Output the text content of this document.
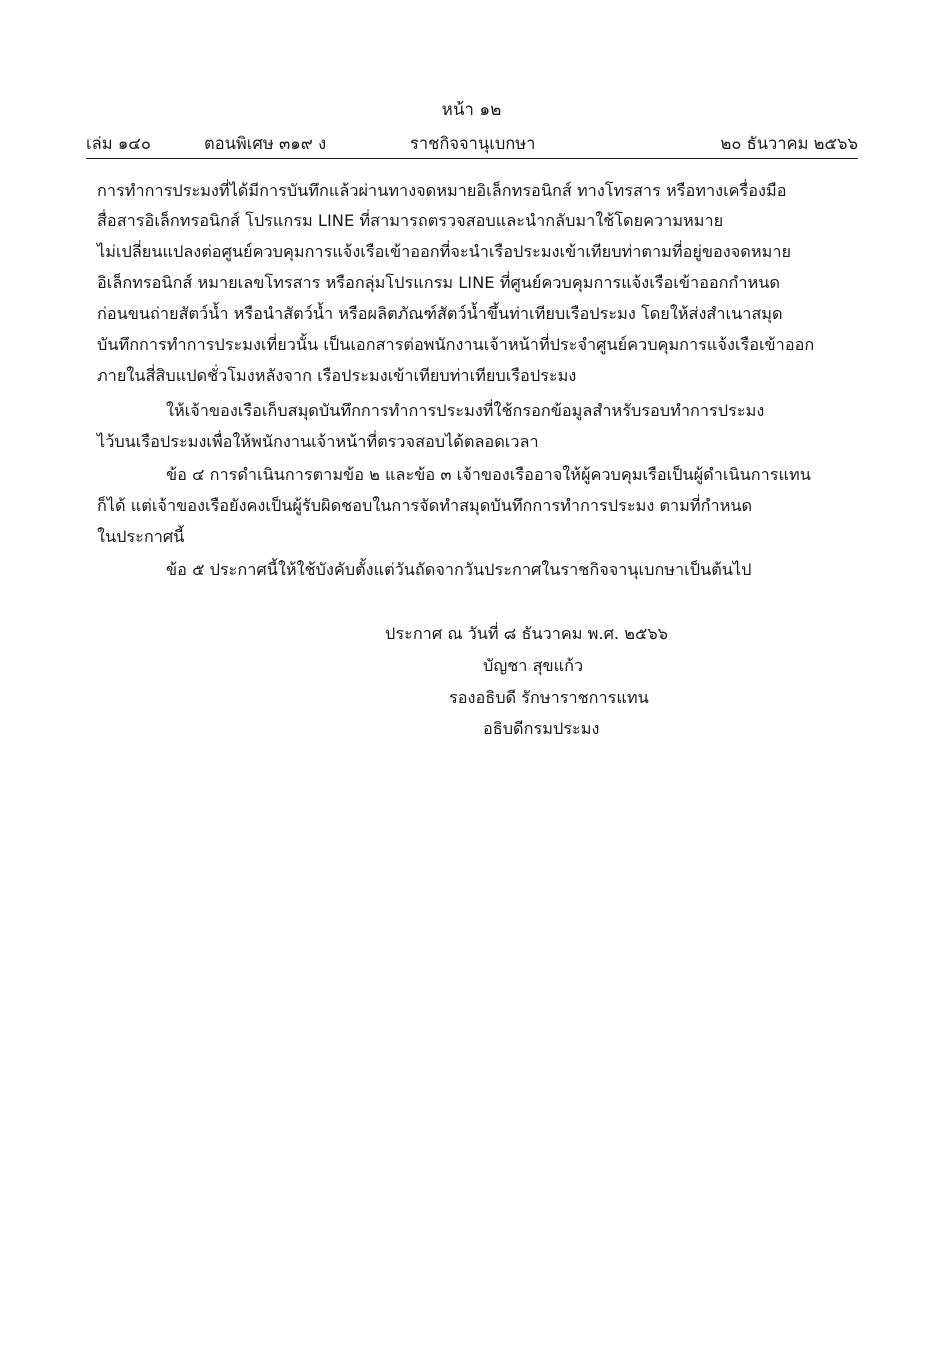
หน้า ๑๒
เล่ม ๑๔๐	ตอนพิเศษ ๓๑๙ ง	ราชกิจจานุเบกษา	๒๐ ธันวาคม ๒๕๖๖
การทำการประมงที่ได้มีการบันทึกแล้วผ่านทางจดหมายอิเล็กทรอนิกส์ ทางโทรสาร หรือทางเครื่องมือ
สื่อสารอิเล็กทรอนิกส์ โปรแกรม LINE ที่สามารถตรวจสอบและนำกลับมาใช้โดยความหมาย
ไม่เปลี่ยนแปลงต่อศูนย์ควบคุมการแจ้งเรือเข้าออกที่จะนำเรือประมงเข้าเทียบท่าตามที่อยู่ของจดหมาย
อิเล็กทรอนิกส์ หมายเลขโทรสาร หรือกลุ่มโปรแกรม LINE ที่ศูนย์ควบคุมการแจ้งเรือเข้าออกกำหนด
ก่อนขนถ่ายสัตว์น้ำ หรือนำสัตว์น้ำ หรือผลิตภัณฑ์สัตว์น้ำขึ้นท่าเทียบเรือประมง โดยให้ส่งสำเนาสมุด
บันทึกการทำการประมงเที่ยวนั้น เป็นเอกสารต่อพนักงานเจ้าหน้าที่ประจำศูนย์ควบคุมการแจ้งเรือเข้าออก
ภายในสี่สิบแปดชั่วโมงหลังจาก เรือประมงเข้าเทียบท่าเทียบเรือประมง
ให้เจ้าของเรือเก็บสมุดบันทึกการทำการประมงที่ใช้กรอกข้อมูลสำหรับรอบทำการประมง
ไว้บนเรือประมงเพื่อให้พนักงานเจ้าหน้าที่ตรวจสอบได้ตลอดเวลา
ข้อ ๔ การดำเนินการตามข้อ ๒ และข้อ ๓ เจ้าของเรืออาจให้ผู้ควบคุมเรือเป็นผู้ดำเนินการแทน
ก็ได้ แต่เจ้าของเรือยังคงเป็นผู้รับผิดชอบในการจัดทำสมุดบันทึกการทำการประมง ตามที่กำหนด
ในประกาศนี้
ข้อ ๕ ประกาศนี้ให้ใช้บังคับตั้งแต่วันถัดจากวันประกาศในราชกิจจานุเบกษาเป็นต้นไป
ประกาศ ณ วันที่ ๘ ธันวาคม พ.ศ. ๒๕๖๖
บัญชา สุขแก้ว
รองอธิบดี รักษาราชการแทน
อธิบดีกรมประมง
